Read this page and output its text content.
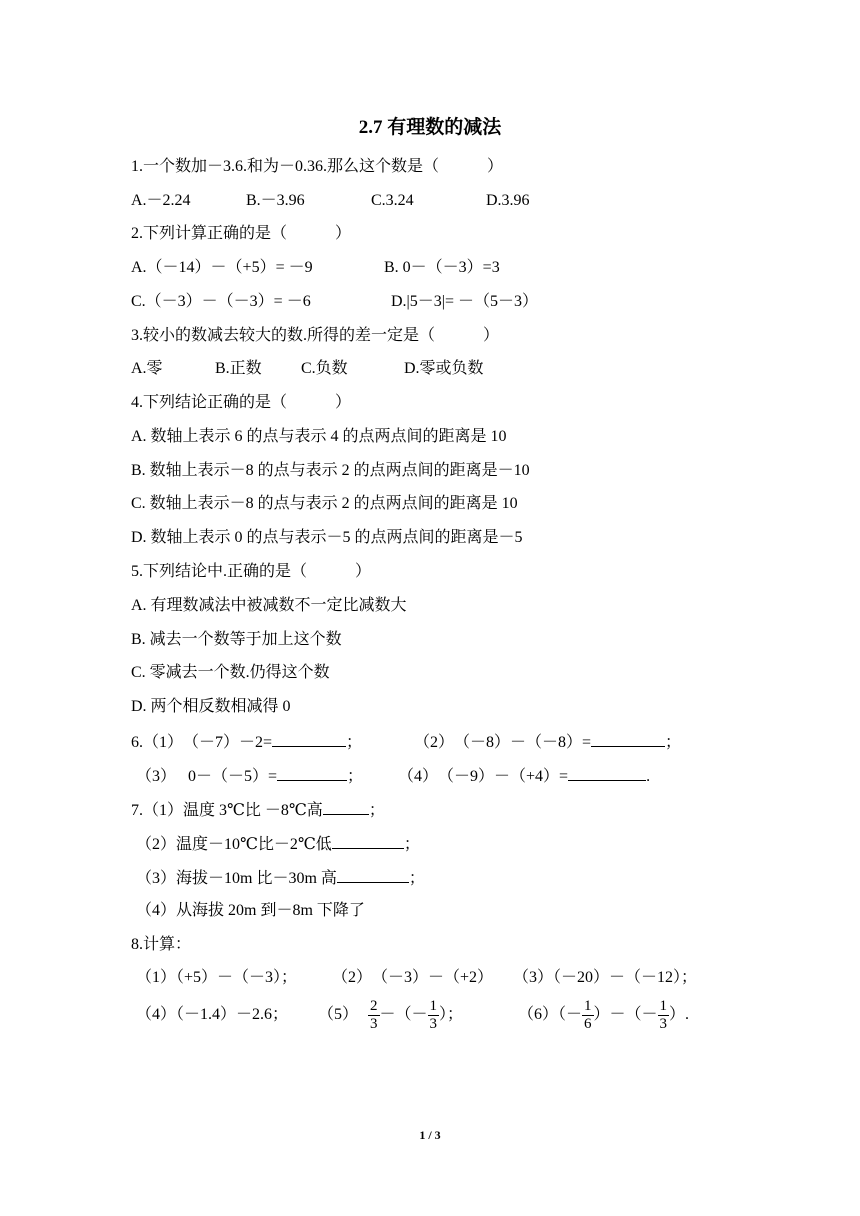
2.7 有理数的减法
1.一个数加－3.6.和为－0.36.那么这个数是（　　　）
A.－2.24	B.－3.96	C.3.24	D.3.96
2.下列计算正确的是（　　　）
A.（－14）－（+5）= －9	B. 0－（－3）=3
C.（－3）－（－3）= －6	D.|5－3|= －（5－3）
3.较小的数减去较大的数.所得的差一定是（　　　）
A.零	B.正数 C.负数	D.零或负数
4.下列结论正确的是（　　　）
A. 数轴上表示 6 的点与表示 4 的点两点间的距离是 10
B. 数轴上表示－8 的点与表示 2 的点两点间的距离是－10
C. 数轴上表示－8 的点与表示 2 的点两点间的距离是 10
D. 数轴上表示 0 的点与表示－5 的点两点间的距离是－5
5.下列结论中.正确的是（　　　）
A. 有理数减法中被减数不一定比减数大
B. 减去一个数等于加上这个数
C. 零减去一个数.仍得这个数
D. 两个相反数相减得 0
6.（1）　（－7）－2=	；	（2）　（－8）－（－8）=	；
（3）　 0－（－5）=	； （4）　（－9）－（+4）=	.
7.（1）温度 3℃比 －8℃高	；
（2）温度－10℃比－2℃低	；
（3）海拔－10m 比－30m 高	；
（4）从海拔 20m 到－8m 下降了
8.计算：
（1）（+5）－（－3）； （2）　（－3）－（+2） （3）（－20）－（－12）；
（4）（－1.4）－2.6； $(5) \frac{2}{3}$ －（－ $\frac{1}{3}$ ）；	$(6)(- \frac{1}{6}$ ）－（－ $\frac{1}{3}$ ）.
1 / 3
